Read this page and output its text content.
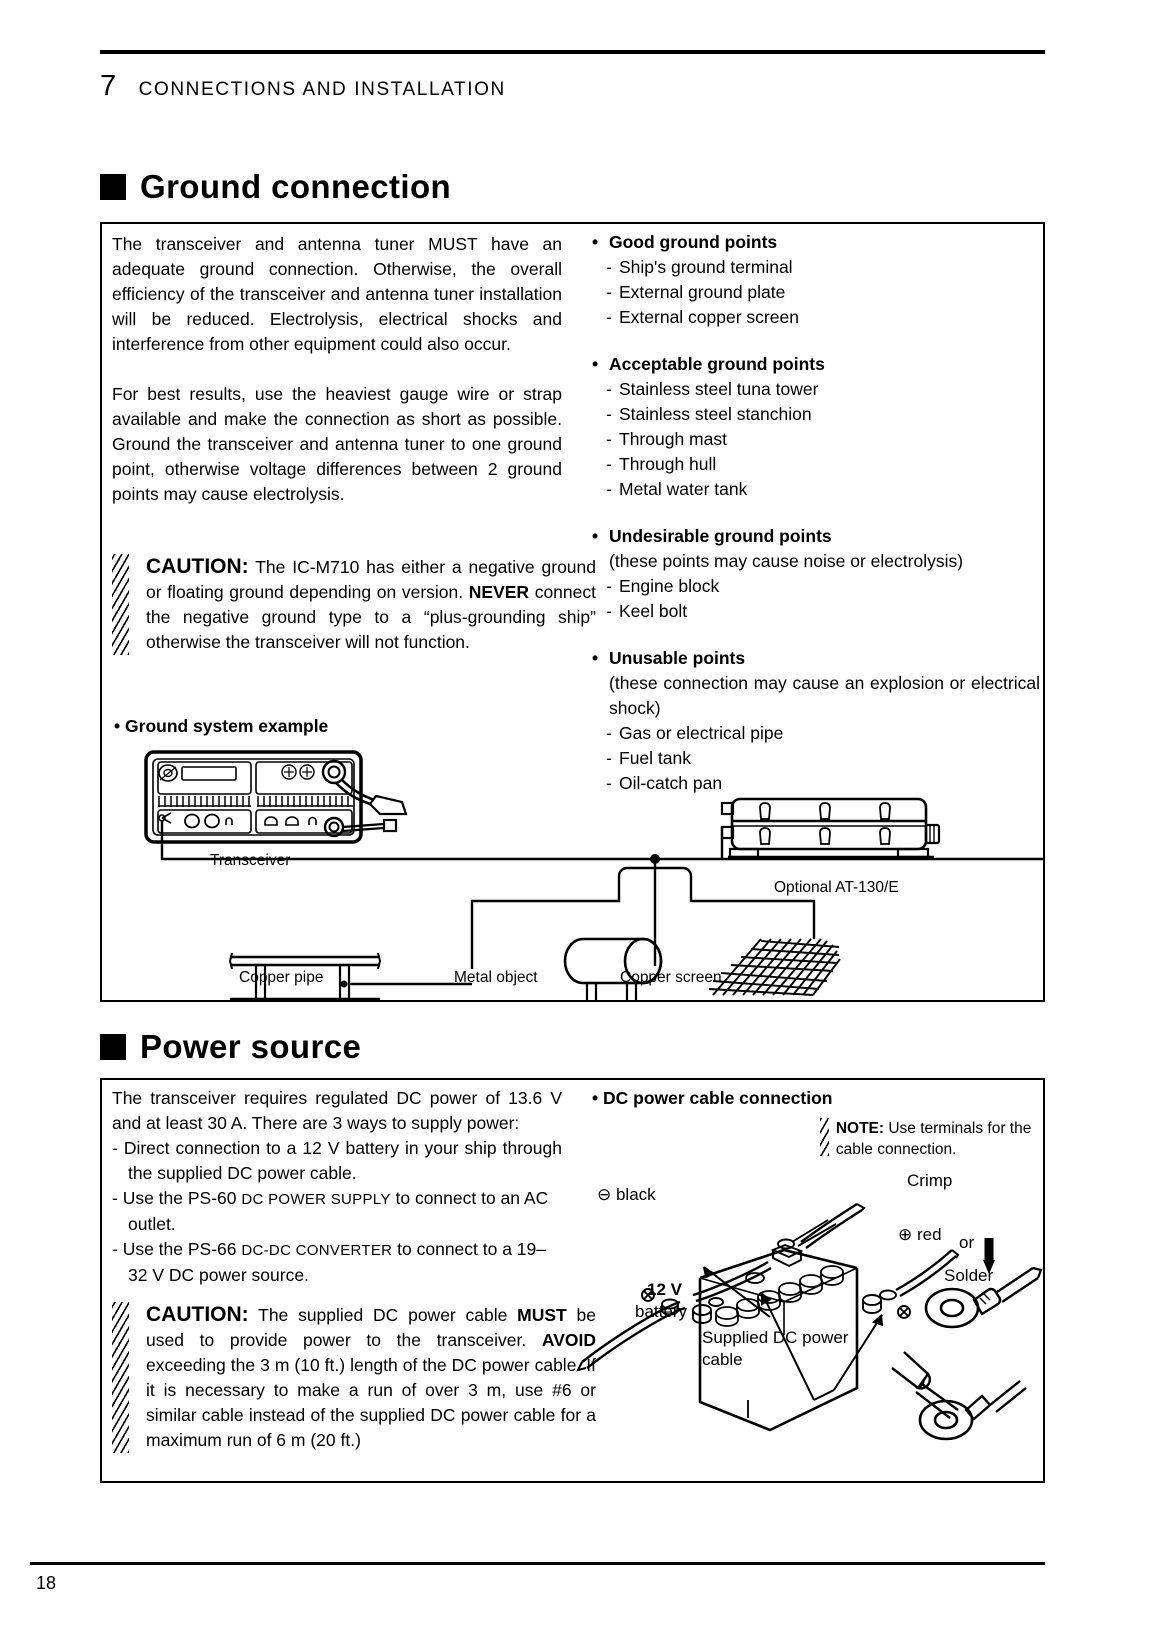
7 CONNECTIONS AND INSTALLATION
Ground connection
The transceiver and antenna tuner MUST have an adequate ground connection. Otherwise, the overall efficiency of the transceiver and antenna tuner installation will be reduced. Electrolysis, electrical shocks and interference from other equipment could also occur.
For best results, use the heaviest gauge wire or strap available and make the connection as short as possible. Ground the transceiver and antenna tuner to one ground point, otherwise voltage differences between 2 ground points may cause electrolysis.
CAUTION: The IC-M710 has either a negative ground or floating ground depending on version. NEVER connect the negative ground type to a “plus-grounding ship” otherwise the transceiver will not function.
• Good ground points
- Ship's ground terminal
- External ground plate
- External copper screen
• Acceptable ground points
- Stainless steel tuna tower
- Stainless steel stanchion
- Through mast
- Through hull
- Metal water tank
• Undesirable ground points
(these points may cause noise or electrolysis)
- Engine block
- Keel bolt
• Unusable points
(these connection may cause an explosion or electrical shock)
- Gas or electrical pipe
- Fuel tank
- Oil-catch pan
• Ground system example
Transceiver
Optional AT-130/E
Copper pipe	Metal object	Copper screen
Power source
The transceiver requires regulated DC power of 13.6 V and at least 30 A. There are 3 ways to supply power:
- Direct connection to a 12 V battery in your ship through the supplied DC power cable.
- Use the PS-60 DC POWER SUPPLY to connect to an AC outlet.
- Use the PS-66 DC-DC CONVERTER to connect to a 19–32 V DC power source.
CAUTION: The supplied DC power cable MUST be used to provide power to the transceiver. AVOID exceeding the 3 m (10 ft.) length of the DC power cable. If it is necessary to make a run of over 3 m, use #6 or similar cable instead of the supplied DC power cable for a maximum run of 6 m (20 ft.)
• DC power cable connection
NOTE: Use terminals for the cable connection.
⊖ black
⊕ red
12 V
battery
Supplied DC power
cable
Crimp
or
Solder
18
